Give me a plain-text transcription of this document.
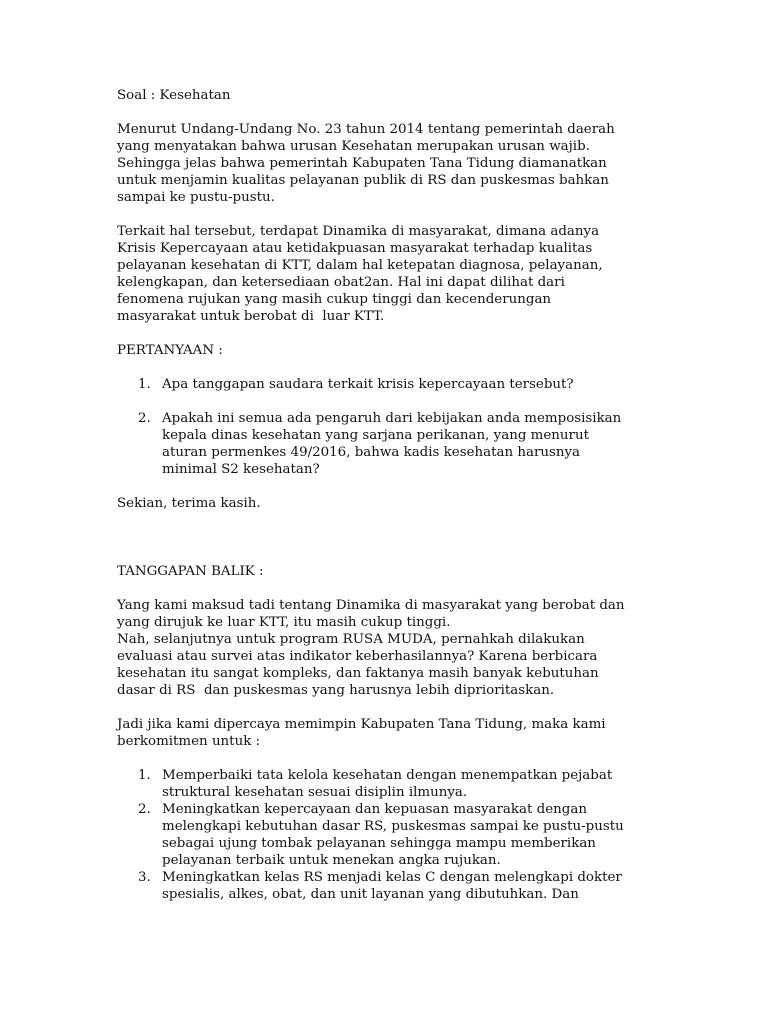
Soal : Kesehatan

Menurut Undang-Undang No. 23 tahun 2014 tentang pemerintah daerah
yang menyatakan bahwa urusan Kesehatan merupakan urusan wajib.
Sehingga jelas bahwa pemerintah Kabupaten Tana Tidung diamanatkan
untuk menjamin kualitas pelayanan publik di RS dan puskesmas bahkan
sampai ke pustu-pustu.

Terkait hal tersebut, terdapat Dinamika di masyarakat, dimana adanya
Krisis Kepercayaan atau ketidakpuasan masyarakat terhadap kualitas
pelayanan kesehatan di KTT, dalam hal ketepatan diagnosa, pelayanan,
kelengkapan, dan ketersediaan obat2an. Hal ini dapat dilihat dari
fenomena rujukan yang masih cukup tinggi dan kecenderungan
masyarakat untuk berobat di  luar KTT.

PERTANYAAN :

1. Apa tanggapan saudara terkait krisis kepercayaan tersebut?
2. Apakah ini semua ada pengaruh dari kebijakan anda memposisikan
kepala dinas kesehatan yang sarjana perikanan, yang menurut
aturan permenkes 49/2016, bahwa kadis kesehatan harusnya
minimal S2 kesehatan?

Sekian, terima kasih.

TANGGAPAN BALIK :

Yang kami maksud tadi tentang Dinamika di masyarakat yang berobat dan
yang dirujuk ke luar KTT, itu masih cukup tinggi.
Nah, selanjutnya untuk program RUSA MUDA, pernahkah dilakukan
evaluasi atau survei atas indikator keberhasilannya? Karena berbicara
kesehatan itu sangat kompleks, dan faktanya masih banyak kebutuhan
dasar di RS  dan puskesmas yang harusnya lebih diprioritaskan.

Jadi jika kami dipercaya memimpin Kabupaten Tana Tidung, maka kami
berkomitmen untuk :

1. Memperbaiki tata kelola kesehatan dengan menempatkan pejabat
struktural kesehatan sesuai disiplin ilmunya.
2. Meningkatkan kepercayaan dan kepuasan masyarakat dengan
melengkapi kebutuhan dasar RS, puskesmas sampai ke pustu-pustu
sebagai ujung tombak pelayanan sehingga mampu memberikan
pelayanan terbaik untuk menekan angka rujukan.
3. Meningkatkan kelas RS menjadi kelas C dengan melengkapi dokter
spesialis, alkes, obat, dan unit layanan yang dibutuhkan. Dan
